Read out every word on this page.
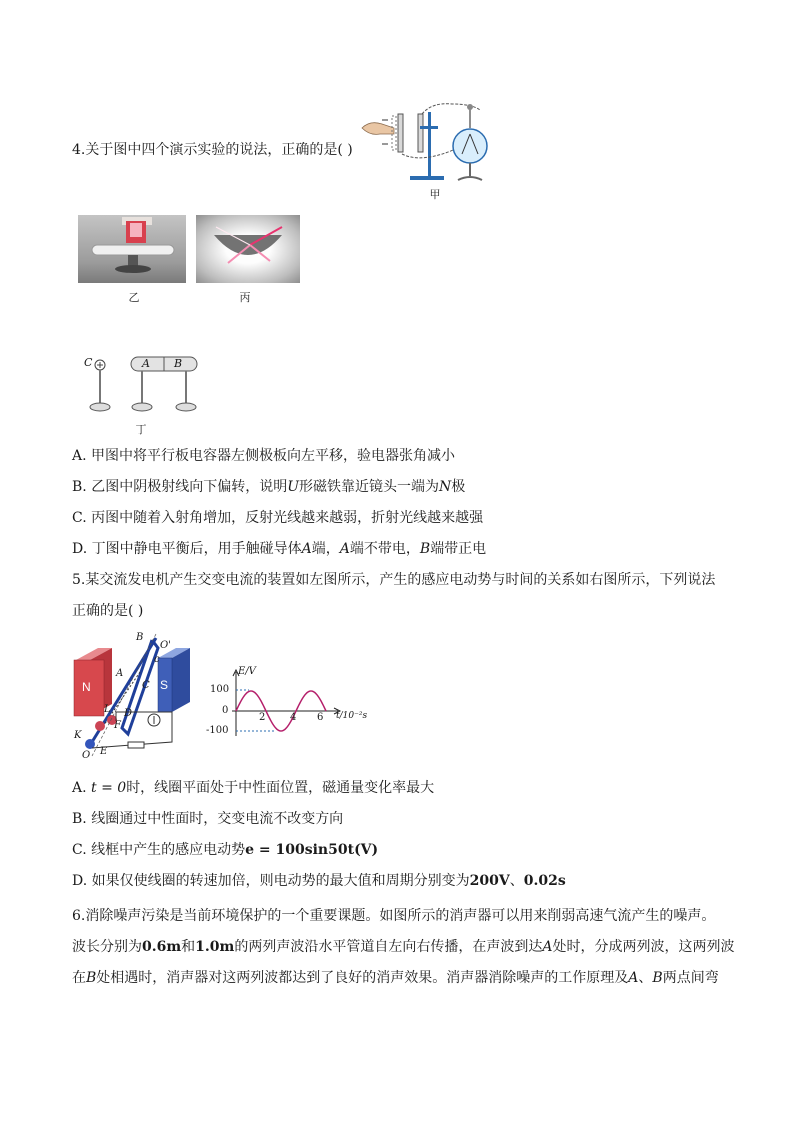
4.关于图中四个演示实验的说法，正确的是( )
甲
乙	丙
C	A B
丁
A. 甲图中将平行板电容器左侧极板向左平移，验电器张角减小
B. 乙图中阴极射线向下偏转，说明U形磁铁靠近镜头一端为N极
C. 丙图中随着入射角增加，反射光线越来越弱，折射光线越来越强
D. 丁图中静电平衡后，用手触碰导体A端，A端不带电，B端带正电
5.某交流发电机产生交变电流的装置如左图所示，产生的感应电动势与时间的关系如右图所示，下列说法
正确的是( )
N	S
B
O'
c
A
C
L D
F
K
E
O
E/V
t/10⁻²s
100
0
-100
2 4 6
A. t = 0时，线圈平面处于中性面位置，磁通量变化率最大
B. 线圈通过中性面时，交变电流不改变方向
C. 线框中产生的感应电动势e = 100sin50t(V)
D. 如果仅使线圈的转速加倍，则电动势的最大值和周期分别变为200V、0.02s
6.消除噪声污染是当前环境保护的一个重要课题。如图所示的消声器可以用来削弱高速气流产生的噪声。
波长分别为0.6m和1.0m的两列声波沿水平管道自左向右传播，在声波到达A处时，分成两列波，这两列波
在B处相遇时，消声器对这两列波都达到了良好的消声效果。消声器消除噪声的工作原理及A、B两点间弯
